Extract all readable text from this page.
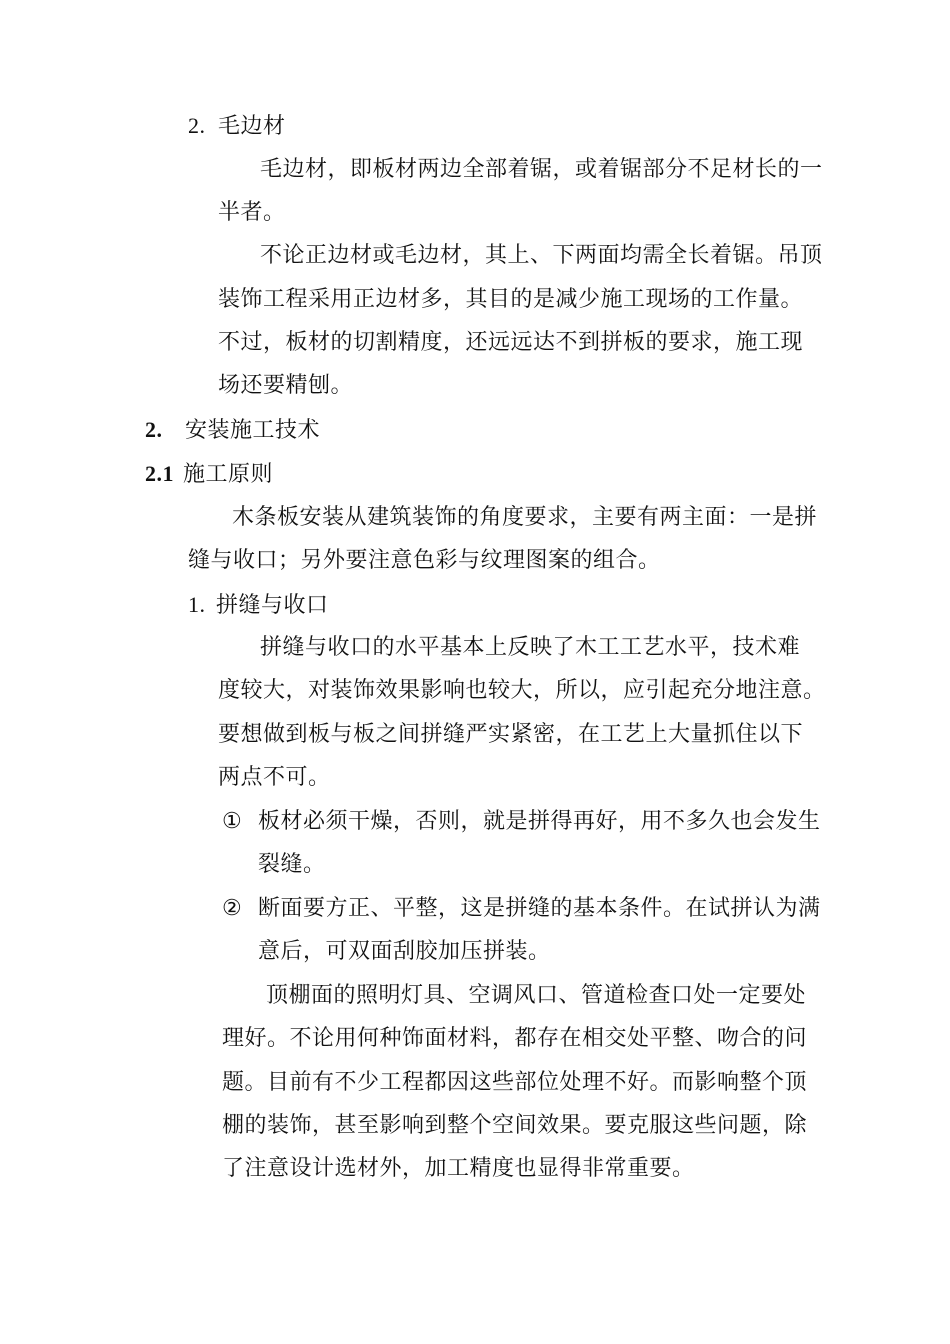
2. 毛边材
毛边材，即板材两边全部着锯，或着锯部分不足材长的一
半者。
不论正边材或毛边材，其上、下两面均需全长着锯。吊顶
装饰工程采用正边材多，其目的是减少施工现场的工作量。
不过，板材的切割精度，还远远达不到拼板的要求，施工现
场还要精刨。
2. 安装施工技术
2.1 施工原则
木条板安装从建筑装饰的角度要求，主要有两主面：一是拼
缝与收口；另外要注意色彩与纹理图案的组合。
1. 拼缝与收口
拼缝与收口的水平基本上反映了木工工艺水平，技术难
度较大，对装饰效果影响也较大，所以，应引起充分地注意。
要想做到板与板之间拼缝严实紧密，在工艺上大量抓住以下
两点不可。
① 板材必须干燥，否则，就是拼得再好，用不多久也会发生
裂缝。
② 断面要方正、平整，这是拼缝的基本条件。在试拼认为满
意后，可双面刮胶加压拼装。
顶棚面的照明灯具、空调风口、管道检查口处一定要处
理好。不论用何种饰面材料，都存在相交处平整、吻合的问
题。目前有不少工程都因这些部位处理不好。而影响整个顶
棚的装饰，甚至影响到整个空间效果。要克服这些问题，除
了注意设计选材外，加工精度也显得非常重要。
